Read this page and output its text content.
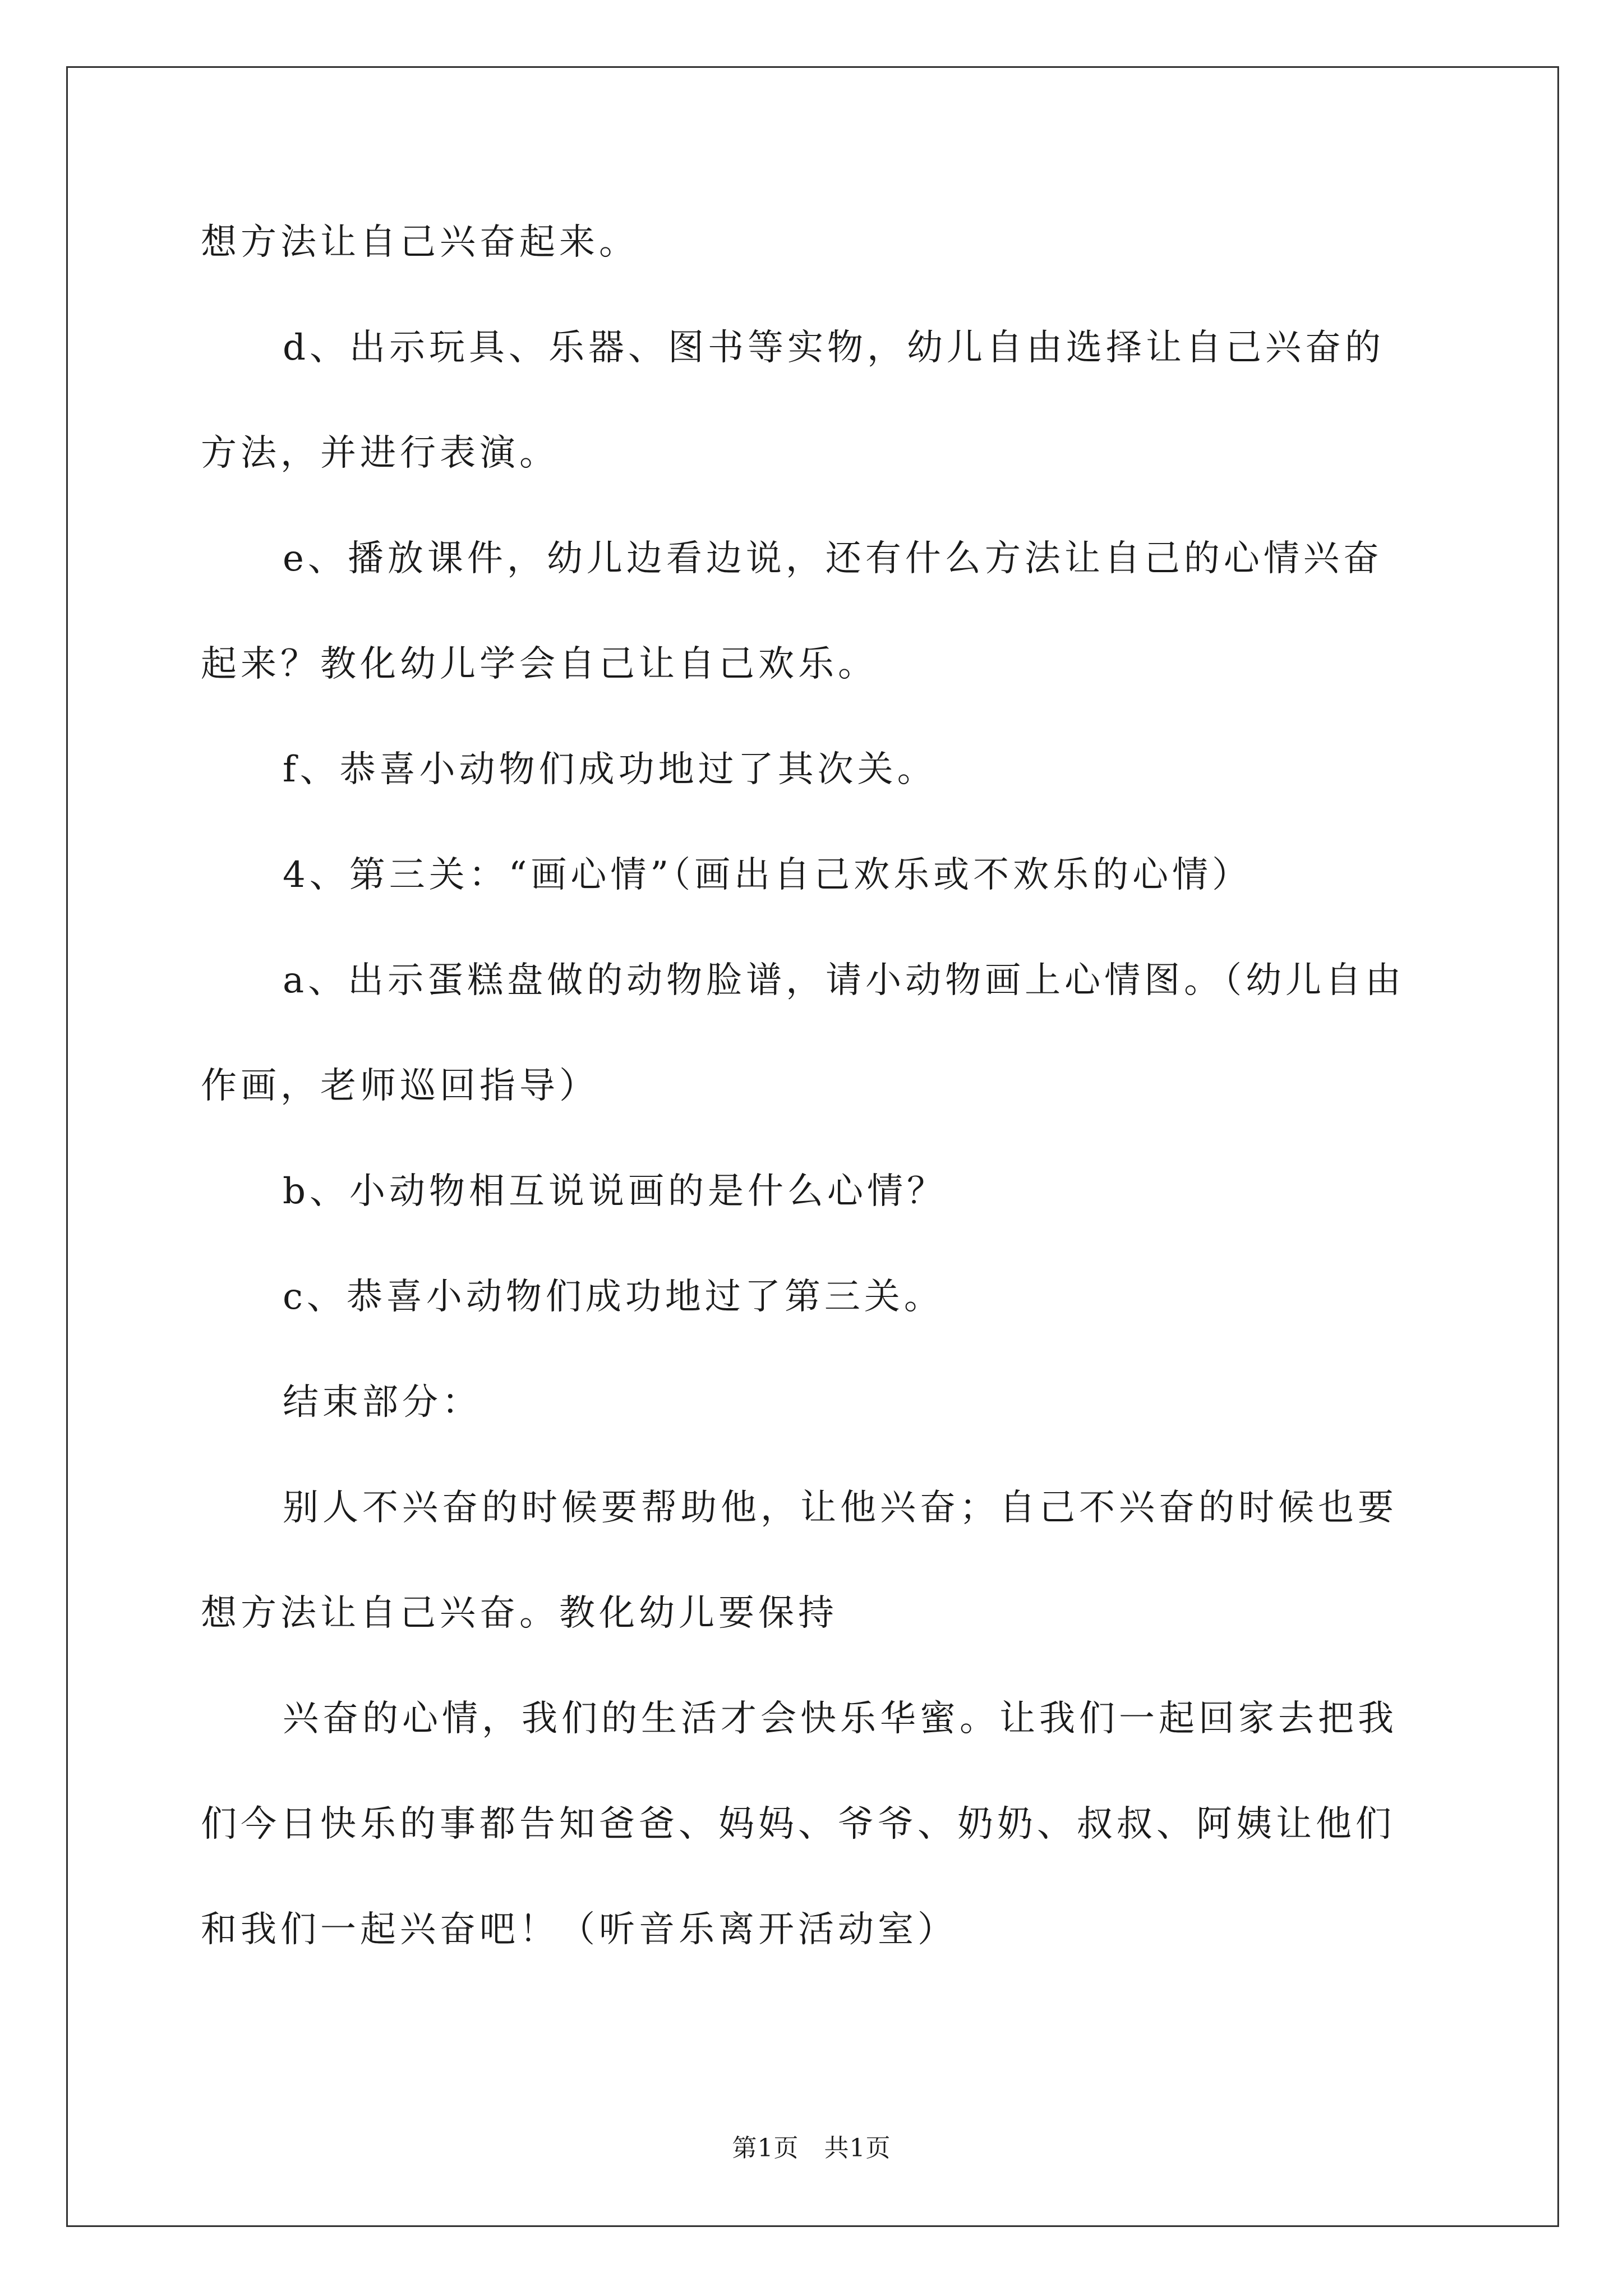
想方法让自己兴奋起来。
d、出示玩具、乐器、图书等实物，幼儿自由选择让自己兴奋的
方法，并进行表演。
e、播放课件，幼儿边看边说，还有什么方法让自己的心情兴奋
起来？教化幼儿学会自己让自己欢乐。
f、恭喜小动物们成功地过了其次关。
4、第三关：“画心情”（画出自己欢乐或不欢乐的心情）
a、出示蛋糕盘做的动物脸谱，请小动物画上心情图。（幼儿自由
作画，老师巡回指导）
b、小动物相互说说画的是什么心情？
c、恭喜小动物们成功地过了第三关。
结束部分：
别人不兴奋的时候要帮助他，让他兴奋；自己不兴奋的时候也要
想方法让自己兴奋。教化幼儿要保持
兴奋的心情，我们的生活才会快乐华蜜。让我们一起回家去把我
们今日快乐的事都告知爸爸、妈妈、爷爷、奶奶、叔叔、阿姨让他们
和我们一起兴奋吧！（听音乐离开活动室）
第1页　共1页
